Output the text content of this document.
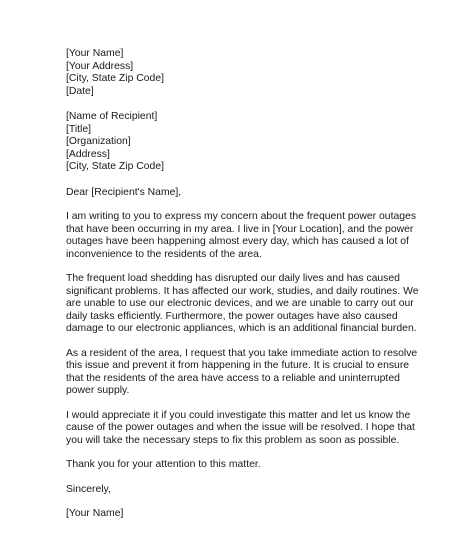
[Your Name]
[Your Address]
[City, State Zip Code]
[Date]
[Name of Recipient]
[Title]
[Organization]
[Address]
[City, State Zip Code]

Dear [Recipient's Name],

I am writing to you to express my concern about the frequent power outages that have been occurring in my area. I live in [Your Location], and the power outages have been happening almost every day, which has caused a lot of inconvenience to the residents of the area.

The frequent load shedding has disrupted our daily lives and has caused significant problems. It has affected our work, studies, and daily routines. We are unable to use our electronic devices, and we are unable to carry out our daily tasks efficiently. Furthermore, the power outages have also caused damage to our electronic appliances, which is an additional financial burden.

As a resident of the area, I request that you take immediate action to resolve this issue and prevent it from happening in the future. It is crucial to ensure that the residents of the area have access to a reliable and uninterrupted power supply.

I would appreciate it if you could investigate this matter and let us know the cause of the power outages and when the issue will be resolved. I hope that you will take the necessary steps to fix this problem as soon as possible.

Thank you for your attention to this matter.

Sincerely,

[Your Name]
